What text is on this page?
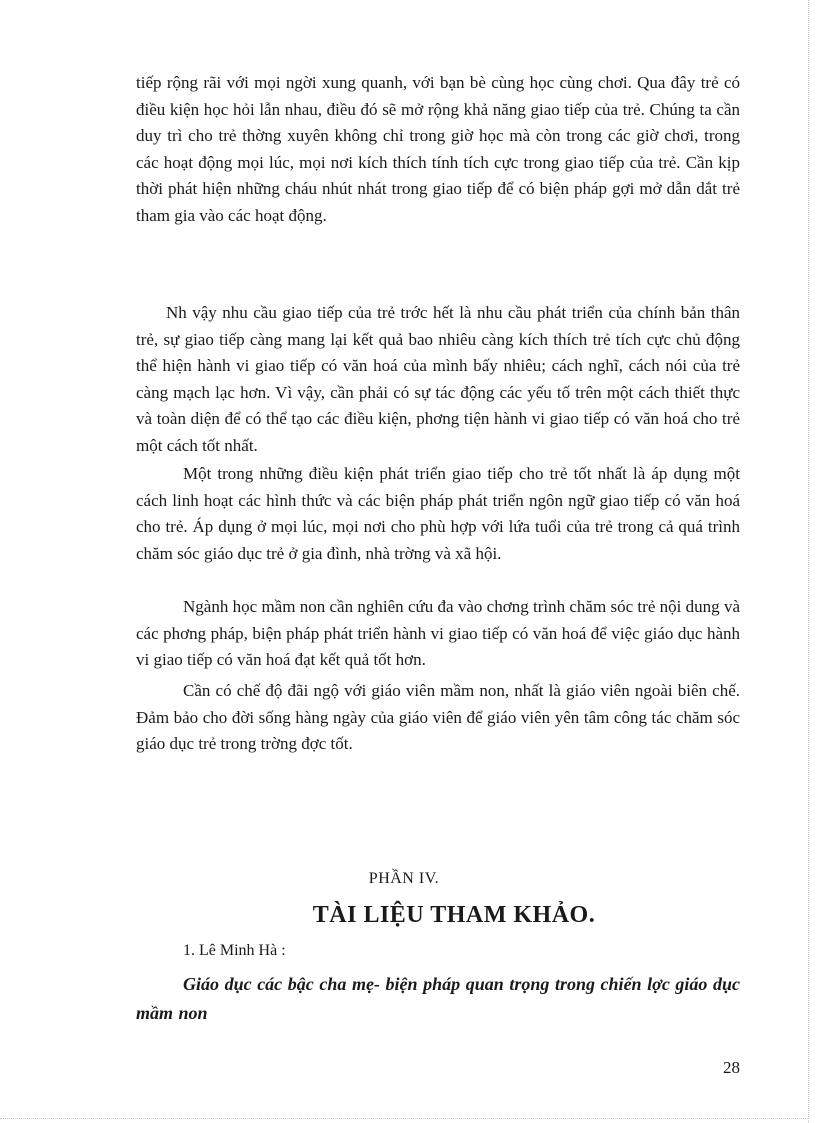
tiếp rộng rãi với mọi ngời xung quanh, với bạn bè cùng học cùng chơi. Qua đây trẻ có điều kiện học hỏi lẫn nhau, điều đó sẽ mở rộng khả năng giao tiếp của trẻ. Chúng ta cần duy trì cho trẻ thờng xuyên không chỉ trong giờ học mà còn trong các giờ chơi, trong các hoạt động mọi lúc, mọi nơi kích thích tính tích cực trong giao tiếp của trẻ. Cần kịp thời phát hiện những cháu nhút nhát trong giao tiếp để có biện pháp gợi mở dẫn dắt trẻ tham gia vào các hoạt động.

Nh vậy nhu cầu giao tiếp của trẻ trớc hết là nhu cầu phát triển của chính bản thân trẻ, sự giao tiếp càng mang lại kết quả bao nhiêu càng kích thích trẻ tích cực chủ động thể hiện hành vi giao tiếp có văn hoá của mình bấy nhiêu; cách nghĩ, cách nói của trẻ càng mạch lạc hơn. Vì vậy, cần phải có sự tác động các yếu tố trên một cách thiết thực và toàn diện để có thể tạo các điều kiện, phơng tiện hành vi giao tiếp có văn hoá cho trẻ một cách tốt nhất.

Một trong những điều kiện phát triển giao tiếp cho trẻ tốt nhất là áp dụng một cách linh hoạt các hình thức và các biện pháp phát triển ngôn ngữ giao tiếp có văn hoá cho trẻ. Áp dụng ở mọi lúc, mọi nơi cho phù hợp với lứa tuổi của trẻ trong cả quá trình chăm sóc giáo dục trẻ ở gia đình, nhà trờng và xã hội.

Ngành học mầm non cần nghiên cứu đa vào chơng trình chăm sóc trẻ nội dung và các phơng pháp, biện pháp phát triển hành vi giao tiếp có văn hoá để việc giáo dục hành vi giao tiếp có văn hoá đạt kết quả tốt hơn.

Cần có chế độ đãi ngộ với giáo viên mầm non, nhất là giáo viên ngoài biên chế. Đảm bảo cho đời sống hàng ngày của giáo viên để giáo viên yên tâm công tác chăm sóc giáo dục trẻ trong trờng đợc tốt.

PHẦN IV.
TÀI LIỆU THAM KHẢO.
1. Lê Minh Hà :
Giáo dục các bậc cha mẹ- biện pháp quan trọng trong chiến lợc giáo dục mầm non
28
